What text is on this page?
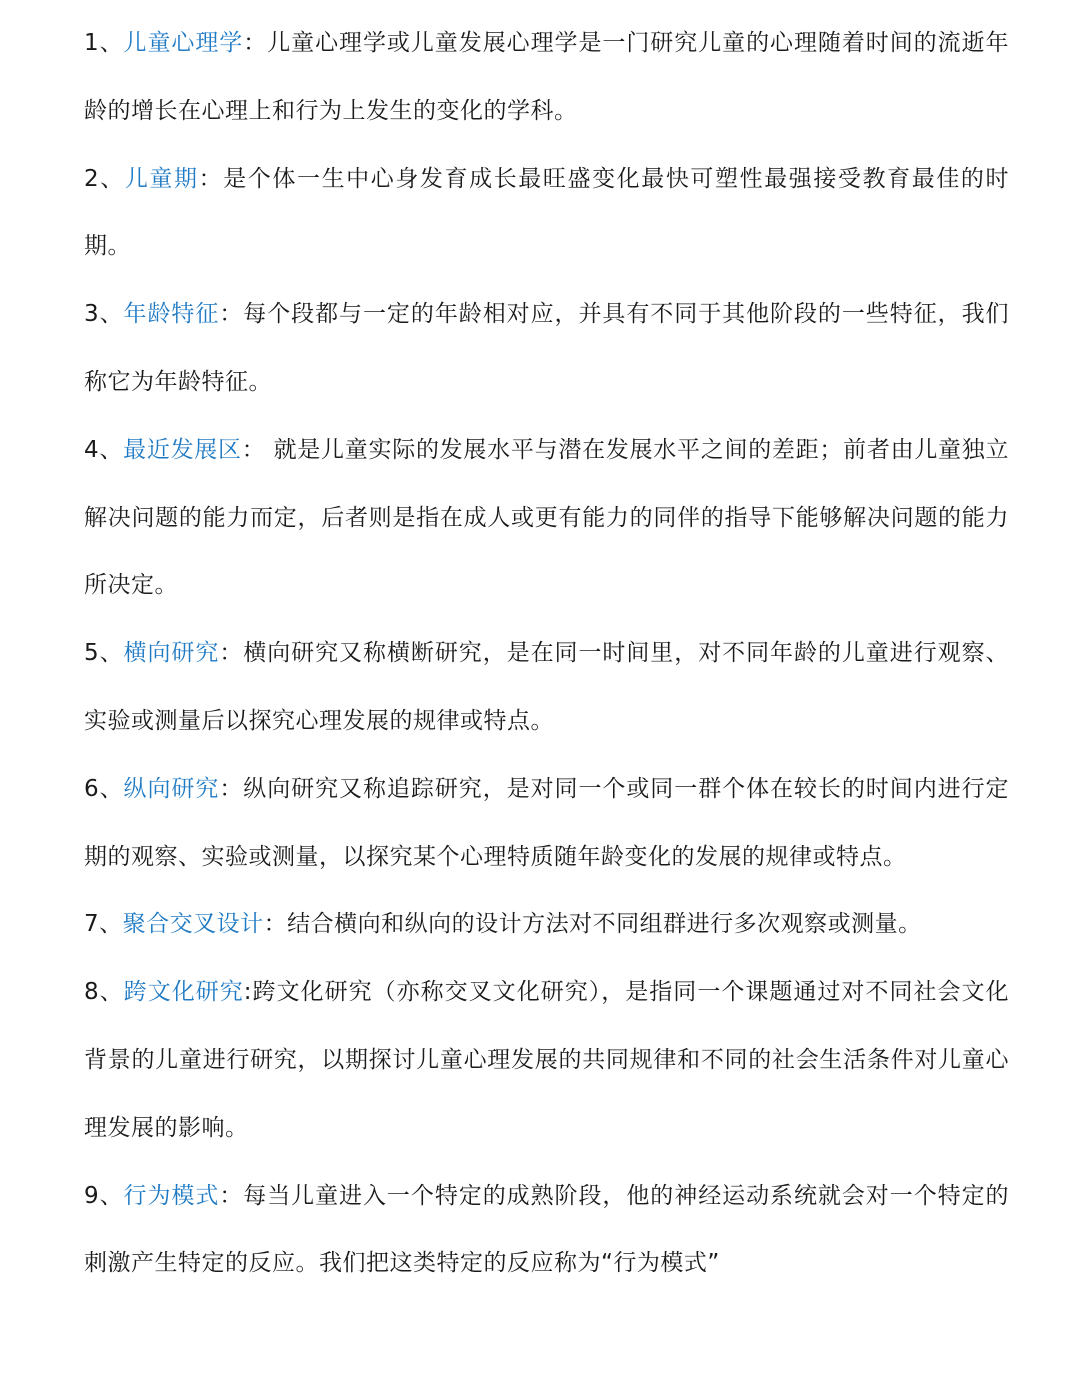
1、儿童心理学：儿童心理学或儿童发展心理学是一门研究儿童的心理随着时间的流逝年龄的增长在心理上和行为上发生的变化的学科。

2、儿童期：是个体一生中心身发育成长最旺盛变化最快可塑性最强接受教育最佳的时期。

3、年龄特征：每个段都与一定的年龄相对应，并具有不同于其他阶段的一些特征，我们称它为年龄特征。

4、最近发展区： 就是儿童实际的发展水平与潜在发展水平之间的差距；前者由儿童独立解决问题的能力而定，后者则是指在成人或更有能力的同伴的指导下能够解决问题的能力所决定。

5、横向研究：横向研究又称横断研究，是在同一时间里，对不同年龄的儿童进行观察、实验或测量后以探究心理发展的规律或特点。

6、纵向研究：纵向研究又称追踪研究，是对同一个或同一群个体在较长的时间内进行定期的观察、实验或测量，以探究某个心理特质随年龄变化的发展的规律或特点。

7、聚合交叉设计：结合横向和纵向的设计方法对不同组群进行多次观察或测量。

8、跨文化研究:跨文化研究（亦称交叉文化研究），是指同一个课题通过对不同社会文化背景的儿童进行研究，以期探讨儿童心理发展的共同规律和不同的社会生活条件对儿童心理发展的影响。

9、行为模式：每当儿童进入一个特定的成熟阶段，他的神经运动系统就会对一个特定的刺激产生特定的反应。我们把这类特定的反应称为“行为模式”
